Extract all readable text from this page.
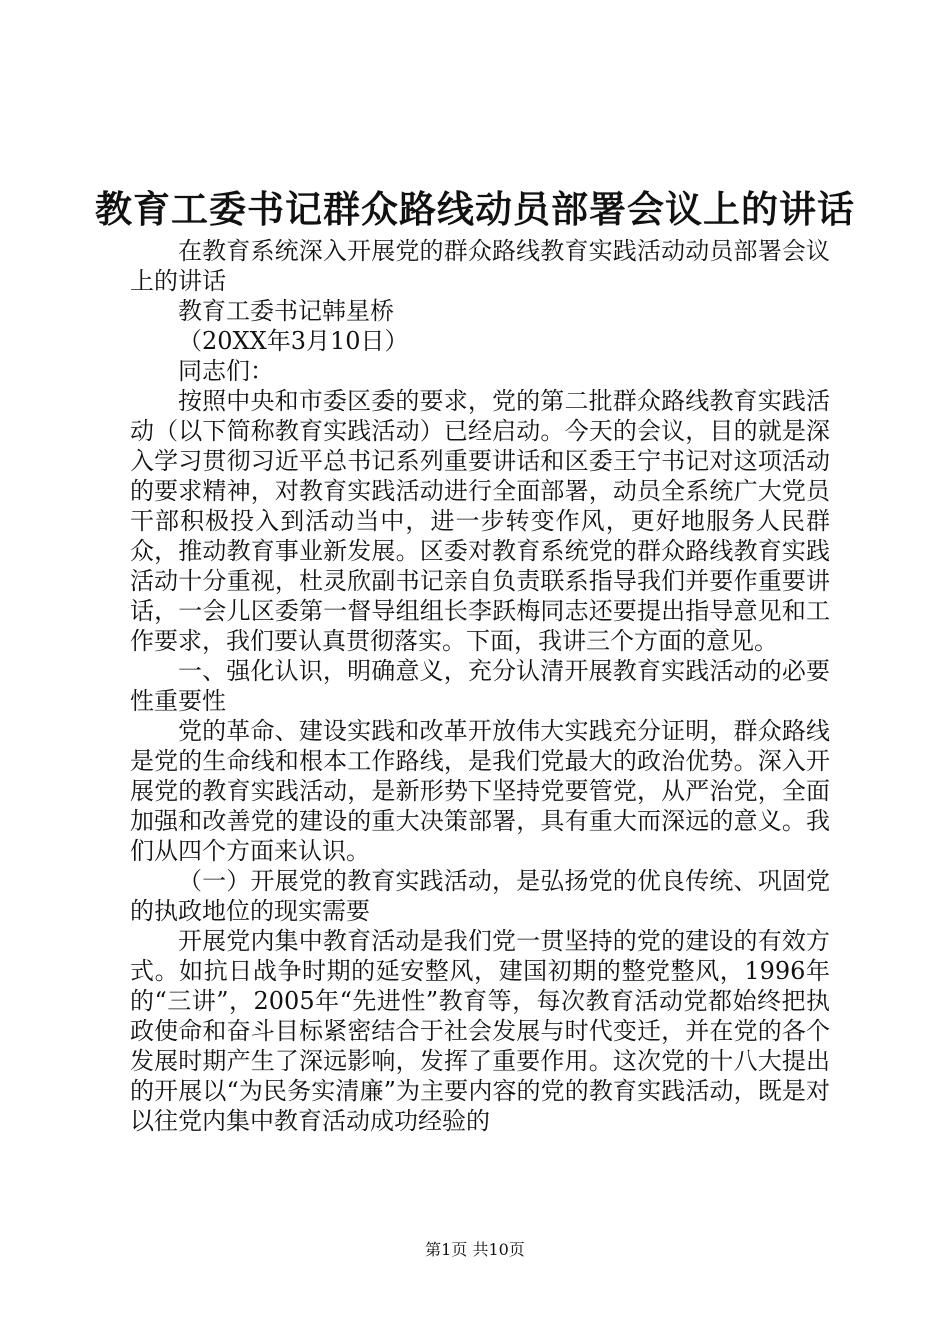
教育工委书记群众路线动员部署会议上的讲话

在教育系统深入开展党的群众路线教育实践活动动员部署会议上的讲话

教育工委书记韩星桥

（20XX年3月10日）

同志们：

按照中央和市委区委的要求，党的第二批群众路线教育实践活动（以下简称教育实践活动）已经启动。今天的会议，目的就是深入学习贯彻习近平总书记系列重要讲话和区委王宁书记对这项活动的要求精神，对教育实践活动进行全面部署，动员全系统广大党员干部积极投入到活动当中，进一步转变作风，更好地服务人民群众，推动教育事业新发展。区委对教育系统党的群众路线教育实践活动十分重视，杜灵欣副书记亲自负责联系指导我们并要作重要讲话，一会儿区委第一督导组组长李跃梅同志还要提出指导意见和工作要求，我们要认真贯彻落实。下面，我讲三个方面的意见。

一、强化认识，明确意义，充分认清开展教育实践活动的必要性重要性

党的革命、建设实践和改革开放伟大实践充分证明，群众路线是党的生命线和根本工作路线，是我们党最大的政治优势。深入开展党的教育实践活动，是新形势下坚持党要管党，从严治党，全面加强和改善党的建设的重大决策部署，具有重大而深远的意义。我们从四个方面来认识。

（一）开展党的教育实践活动，是弘扬党的优良传统、巩固党的执政地位的现实需要

开展党内集中教育活动是我们党一贯坚持的党的建设的有效方式。如抗日战争时期的延安整风，建国初期的整党整风，1996年的“三讲”，2005年“先进性”教育等，每次教育活动党都始终把执政使命和奋斗目标紧密结合于社会发展与时代变迁，并在党的各个发展时期产生了深远影响，发挥了重要作用。这次党的十八大提出的开展以“为民务实清廉”为主要内容的党的教育实践活动，既是对以往党内集中教育活动成功经验的

第1页 共10页
